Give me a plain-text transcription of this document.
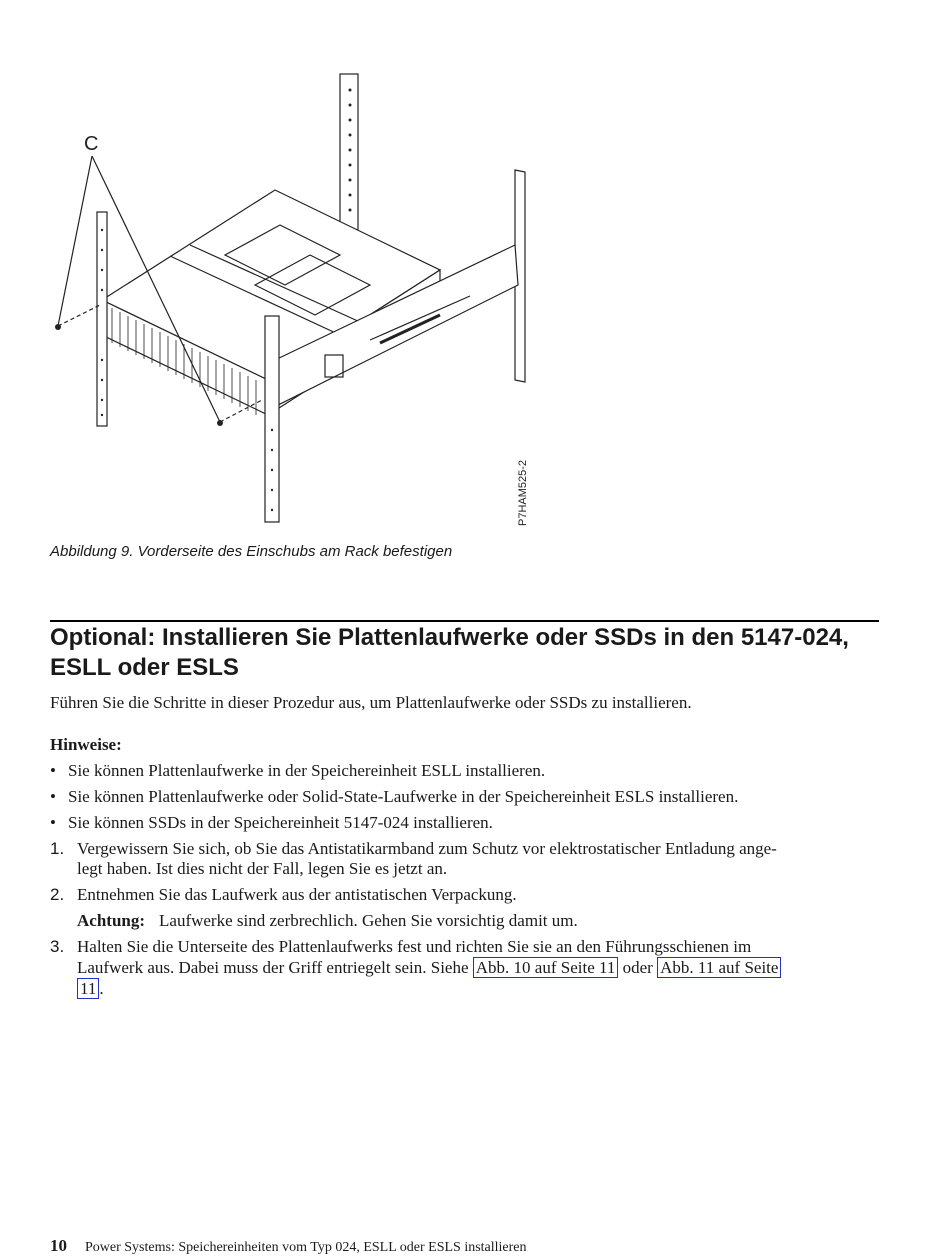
C
P7HAM525-2
Abbildung 9. Vorderseite des Einschubs am Rack befestigen
Optional: Installieren Sie Plattenlaufwerke oder SSDs in den 5147-024, ESLL oder ESLS
Führen Sie die Schritte in dieser Prozedur aus, um Plattenlaufwerke oder SSDs zu installieren.
Hinweise:
• Sie können Plattenlaufwerke in der Speichereinheit ESLL installieren.
• Sie können Plattenlaufwerke oder Solid-State-Laufwerke in der Speichereinheit ESLS installieren.
• Sie können SSDs in der Speichereinheit 5147-024 installieren.
1. Vergewissern Sie sich, ob Sie das Antistatikarmband zum Schutz vor elektrostatischer Entladung ange-
legt haben. Ist dies nicht der Fall, legen Sie es jetzt an.
2. Entnehmen Sie das Laufwerk aus der antistatischen Verpackung.
Achtung: Laufwerke sind zerbrechlich. Gehen Sie vorsichtig damit um.
3. Halten Sie die Unterseite des Plattenlaufwerks fest und richten Sie sie an den Führungsschienen im
Laufwerk aus. Dabei muss der Griff entriegelt sein. Siehe Abb. 10 auf Seite 11 oder Abb. 11 auf Seite
11 .
10 Power Systems: Speichereinheiten vom Typ 024, ESLL oder ESLS installieren
